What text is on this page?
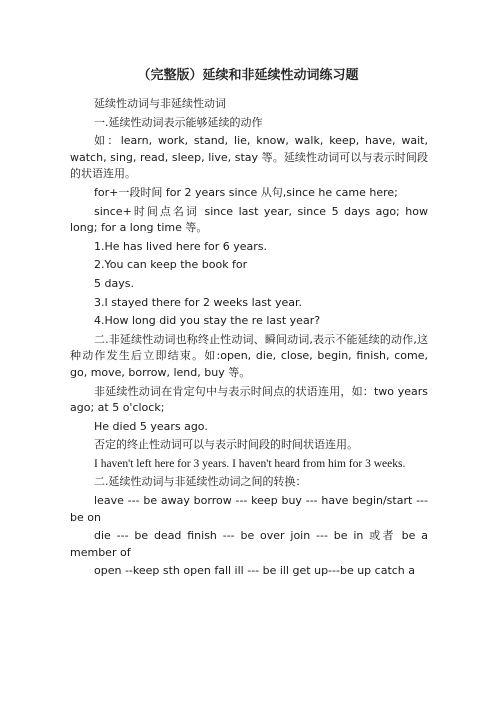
（完整版）延续和非延续性动词练习题

延续性动词与非延续性动词

一.延续性动词表示能够延续的动作

如：learn, work, stand, lie, know, walk, keep, have, wait, watch, sing, read, sleep, live, stay 等。延续性动词可以与表示时间段的状语连用。

for+一段时间 for 2 years since 从句,since he came here;

since+时间点名词 since last year, since 5 days ago; how long; for a long time 等。

1.He has lived here for 6 years.

2.You can keep the book for

5 days.

3.I stayed there for 2 weeks last year.

4.How long did you stay the re last year?

二.非延续性动词也称终止性动词、瞬间动词,表示不能延续的动作,这种动作发生后立即结束。如:open, die, close, begin, finish, come, go, move, borrow, lend, buy 等。

非延续性动词在肯定句中与表示时间点的状语连用，如：two years ago; at 5 o'clock;

He died 5 years ago.

否定的终止性动词可以与表示时间段的时间状语连用。

I haven't left here for 3 years. I haven't heard from him for 3 weeks.

二.延续性动词与非延续性动词之间的转换：

leave --- be away borrow --- keep buy --- have begin/start --- be on

die --- be dead finish --- be over join --- be in 或者 be a member of

open --keep sth open fall ill --- be ill get up---be up catch a
